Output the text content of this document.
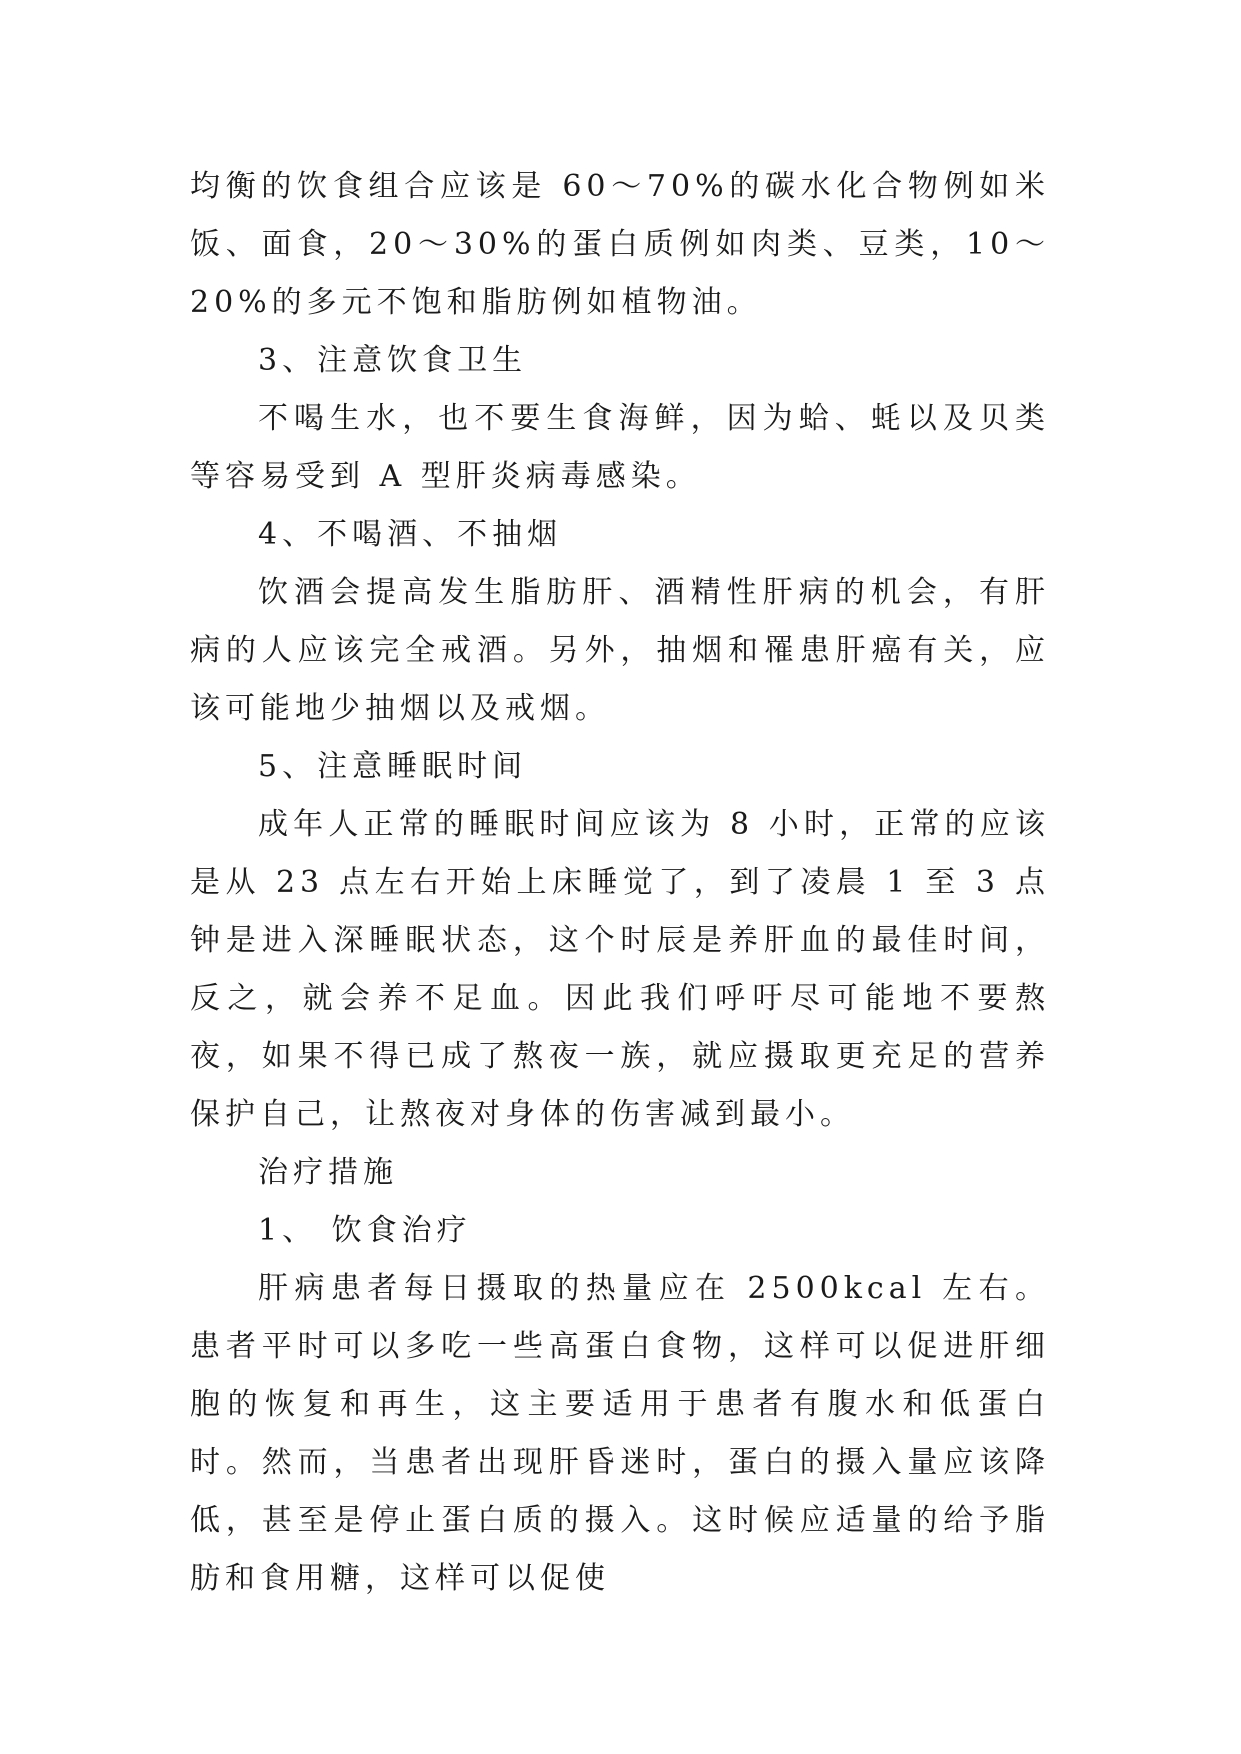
均衡的饮食组合应该是 60～70%的碳水化合物例如米饭、面食，20～30%的蛋白质例如肉类、豆类，10～20%的多元不饱和脂肪例如植物油。

3、注意饮食卫生

不喝生水，也不要生食海鲜，因为蛤、蚝以及贝类等容易受到 A 型肝炎病毒感染。

4、不喝酒、不抽烟

饮酒会提高发生脂肪肝、酒精性肝病的机会，有肝病的人应该完全戒酒。另外，抽烟和罹患肝癌有关，应该可能地少抽烟以及戒烟。

5、注意睡眠时间

成年人正常的睡眠时间应该为 8 小时，正常的应该是从 23 点左右开始上床睡觉了，到了凌晨 1 至 3 点钟是进入深睡眠状态，这个时辰是养肝血的最佳时间，反之，就会养不足血。因此我们呼吁尽可能地不要熬夜，如果不得已成了熬夜一族，就应摄取更充足的营养保护自己，让熬夜对身体的伤害减到最小。

治疗措施

1、 饮食治疗

肝病患者每日摄取的热量应在 2500kcal 左右。患者平时可以多吃一些高蛋白食物，这样可以促进肝细胞的恢复和再生，这主要适用于患者有腹水和低蛋白时。然而，当患者出现肝昏迷时，蛋白的摄入量应该降低，甚至是停止蛋白质的摄入。这时候应适量的给予脂肪和食用糖，这样可以促使
